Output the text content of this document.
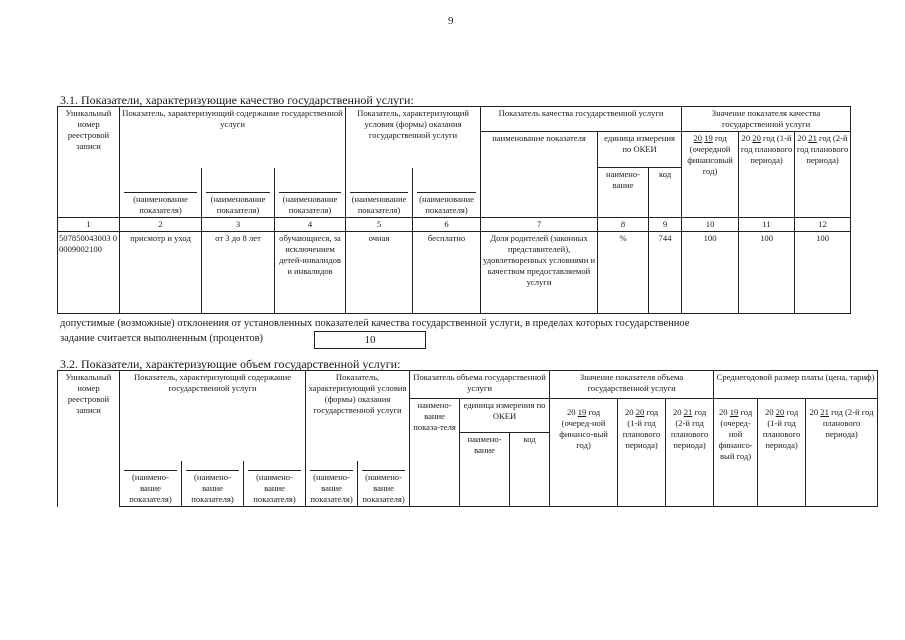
9
3.1. Показатели, характеризующие качество государственной услуги:
Уникальный номер реестровой записи	Показатель, характеризующий содержание государственной услуги			Показатель, характеризующий условия (формы) оказания государственной услуги		Показатель качества государственной услуги			Значение показателя качества государственной услуги		
						наименование показателя	единица измерения по ОКЕИ		20 19 год (очередной финансовый год)	20 20 год (1-й год планового периода)	20 21 год (2-й год планового периода)

	(наименование показателя)	(наименование показателя)	(наименование показателя)	(наименование показателя)	(наименование показателя)		наимено-вание	код			
1	2	3	4	5	6	7	8	9	10	11	12
507850043003 00009002100	присмотр и уход	от 3 до 8 лет	обучающиеся, за исключением детей-инвалидов и инвалидов	очная	бесплатно	Доля родителей (законных представителей), удовлетворенных условиями и качеством предоставляемой услуги	%	744	100	100	100
допустимые (возможные) отклонения от установленных показателей качества государственной услуги, в пределах которых государственное
задание считается выполненным (процентов)	10
3.2. Показатели, характеризующие объем государственной услуги:
Уникальный номер реестровой записи	Показатель, характеризующий содержание государственной услуги			Показатель, характеризующий условия (формы) оказания государственной услуги		Показатель объема государственной услуги			Значение показателя объема государственной услуги			Среднегодовой размер платы (цена, тариф)		
						наимено-вание показа-теля	единица измерения по ОКЕИ		20 19 год (очеред-ной финансо-вый год)	20 20 год (1-й год планового периода)	20 21 год (2-й год планового периода)	20 19 год (очеред-ной финансо-вый год)	20 20 год (1-й год планового периода)	20 21 год (2-й год планового периода)
							наимено-вание	код						

	(наимено-вание показателя)	(наимено-вание показателя)	(наимено-вание показателя)	(наимено-вание показателя)	(наимено-вание показателя)									
